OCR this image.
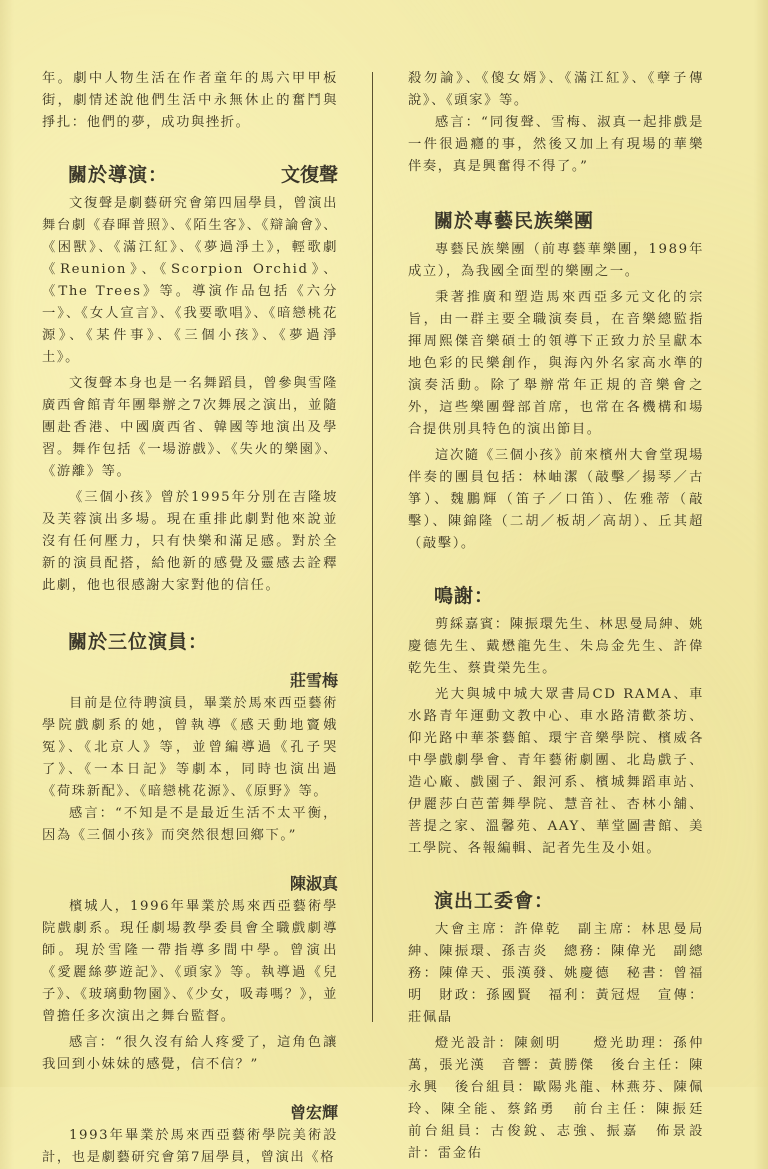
年。劇中人物生活在作者童年的馬六甲甲板街，劇情述說他們生活中永無休止的奮鬥與掙扎：他們的夢，成功與挫折。

關於導演：	文復聲

文復聲是劇藝研究會第四屆學員，曾演出舞台劇《春暉普照》、《陌生客》、《辯論會》、《困獸》、《滿江紅》、《夢過淨土》，輕歌劇《Reunion》、《Scorpion Orchid》、《The Trees》等。導演作品包括《六分一》、《女人宣言》、《我要歌唱》、《暗戀桃花源》、《某件事》、《三個小孩》、《夢過淨土》。

文復聲本身也是一名舞蹈員，曾參與雪隆廣西會館青年團舉辦之7次舞展之演出，並隨團赴香港、中國廣西省、韓國等地演出及學習。舞作包括《一場游戲》、《失火的樂園》、《游離》等。

《三個小孩》曾於1995年分別在吉隆坡及芙蓉演出多場。現在重排此劇對他來說並沒有任何壓力，只有快樂和滿足感。對於全新的演員配搭，給他新的感覺及靈感去詮釋此劇，他也很感謝大家對他的信任。

關於三位演員：
莊雪梅

目前是位待聘演員，畢業於馬來西亞藝術學院戲劇系的她，曾執導《感天動地竇娥冤》、《北京人》等，並曾編導過《孔子哭了》、《一本日記》等劇本，同時也演出過《荷珠新配》、《暗戀桃花源》、《原野》等。

感言：“不知是不是最近生活不太平衡，因為《三個小孩》而突然很想回鄉下。”

陳淑真

檳城人，1996年畢業於馬來西亞藝術學院戲劇系。現任劇場教學委員會全職戲劇導師。現於雪隆一帶指導多間中學。曾演出《愛麗絲夢遊記》、《頭家》等。執導過《兒子》、《玻璃動物園》、《少女，吸毒嗎？》，並曾擔任多次演出之舞台監督。

感言：“很久沒有給人疼愛了，這角色讓我回到小妹妹的感覺，信不信？”

曾宏輝

1993年畢業於馬來西亞藝術學院美術設計，也是劇藝研究會第7屆學員，曾演出《格

殺勿論》、《傻女婿》、《滿江紅》、《孽子傳說》、《頭家》等。

感言：“同復聲、雪梅、淑真一起排戲是一件很過癮的事，然後又加上有現場的華樂伴奏，真是興奮得不得了。”

關於專藝民族樂團

專藝民族樂團（前專藝華樂團，1989年成立），為我國全面型的樂團之一。

秉著推廣和塑造馬來西亞多元文化的宗旨，由一群主要全職演奏員，在音樂總監指揮周熙傑音樂碩士的領導下正致力於呈獻本地色彩的民樂創作，與海內外名家高水準的演奏活動。除了舉辦常年正規的音樂會之外，這些樂團聲部首席，也常在各機構和場合提供別具特色的演出節目。

這次隨《三個小孩》前來檳州大會堂現場伴奏的團員包括：林岫潔（敲擊／揚琴／古箏）、魏鵬輝（笛子／口笛）、佐雅蒂（敲擊）、陳錦隆（二胡／板胡／高胡）、丘其超（敲擊）。

鳴謝：

剪綵嘉賓：陳振環先生、林思曼局紳、姚慶德先生、戴懋龍先生、朱烏金先生、許偉乾先生、蔡貴榮先生。

光大與城中城大眾書局CD RAMA、車水路青年運動文教中心、車水路清歡茶坊、仰光路中華茶藝館、環宇音樂學院、檳威各中學戲劇學會、青年藝術劇團、北島戲子、造心廠、戲園子、銀河系、檳城舞蹈車站、伊麗莎白芭蕾舞學院、慧音社、杏林小舖、菩提之家、溫馨苑、AAY、華堂圖書館、美工學院、各報編輯、記者先生及小姐。

演出工委會：

大會主席：許偉乾　副主席：林思曼局紳、陳振環、孫吉炎　總務：陳偉光　副總務：陳偉天、張漢發、姚慶德　秘書：曾福明　財政：孫國賢　福利：黃冠煜　宣傳：莊佩晶

燈光設計：陳劍明　　燈光助理：孫仲萬，張光漢　音響：黃勝傑　後台主任：陳永興　後台組員：歐陽兆龍、林燕芬、陳佩玲、陳全能、蔡銘勇　前台主任：陳振廷　前台組員：古俊銳、志強、振嘉　佈景設計：雷金佑
